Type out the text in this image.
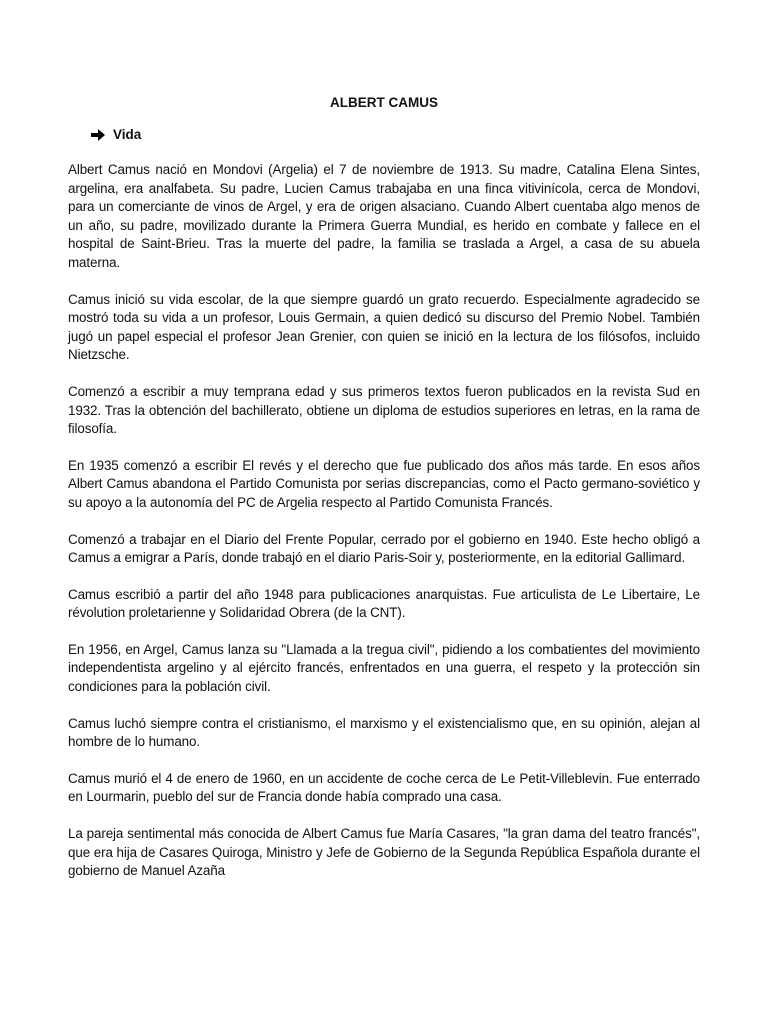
ALBERT CAMUS
Vida

Albert Camus nació en Mondovi (Argelia) el 7 de noviembre de 1913. Su madre, Catalina Elena Sintes, argelina, era analfabeta. Su padre, Lucien Camus trabajaba en una finca vitivinícola, cerca de Mondovi, para un comerciante de vinos de Argel, y era de origen alsaciano. Cuando Albert cuentaba algo menos de un año, su padre, movilizado durante la Primera Guerra Mundial, es herido en combate y fallece en el hospital de Saint-Brieu. Tras la muerte del padre, la familia se traslada a Argel, a casa de su abuela materna.

Camus inició su vida escolar, de la que siempre guardó un grato recuerdo. Especialmente agradecido se mostró toda su vida a un profesor, Louis Germain, a quien dedicó su discurso del Premio Nobel. También jugó un papel especial el profesor Jean Grenier, con quien se inició en la lectura de los filósofos, incluido Nietzsche.

Comenzó a escribir a muy temprana edad y sus primeros textos fueron publicados en la revista Sud en 1932. Tras la obtención del bachillerato, obtiene un diploma de estudios superiores en letras, en la rama de filosofía.

En 1935 comenzó a escribir El revés y el derecho que fue publicado dos años más tarde. En esos años Albert Camus abandona el Partido Comunista por serias discrepancias, como el Pacto germano-soviético y su apoyo a la autonomía del PC de Argelia respecto al Partido Comunista Francés.

Comenzó a trabajar en el Diario del Frente Popular, cerrado por el gobierno en 1940. Este hecho obligó a Camus a emigrar a París, donde trabajó en el diario Paris-Soir y, posteriormente, en la editorial Gallimard.

Camus escribió a partir del año 1948 para publicaciones anarquistas. Fue articulista de Le Libertaire, Le révolution proletarienne y Solidaridad Obrera (de la CNT).

En 1956, en Argel, Camus lanza su "Llamada a la tregua civil", pidiendo a los combatientes del movimiento independentista argelino y al ejército francés, enfrentados en una guerra, el respeto y la protección sin condiciones para la población civil.

Camus luchó siempre contra el cristianismo, el marxismo y el existencialismo que, en su opinión, alejan al hombre de lo humano.

Camus murió el 4 de enero de 1960, en un accidente de coche cerca de Le Petit-Villeblevin. Fue enterrado en Lourmarin, pueblo del sur de Francia donde había comprado una casa.

La pareja sentimental más conocida de Albert Camus fue María Casares, "la gran dama del teatro francés", que era hija de Casares Quiroga, Ministro y Jefe de Gobierno de la Segunda República Española durante el gobierno de Manuel Azaña
